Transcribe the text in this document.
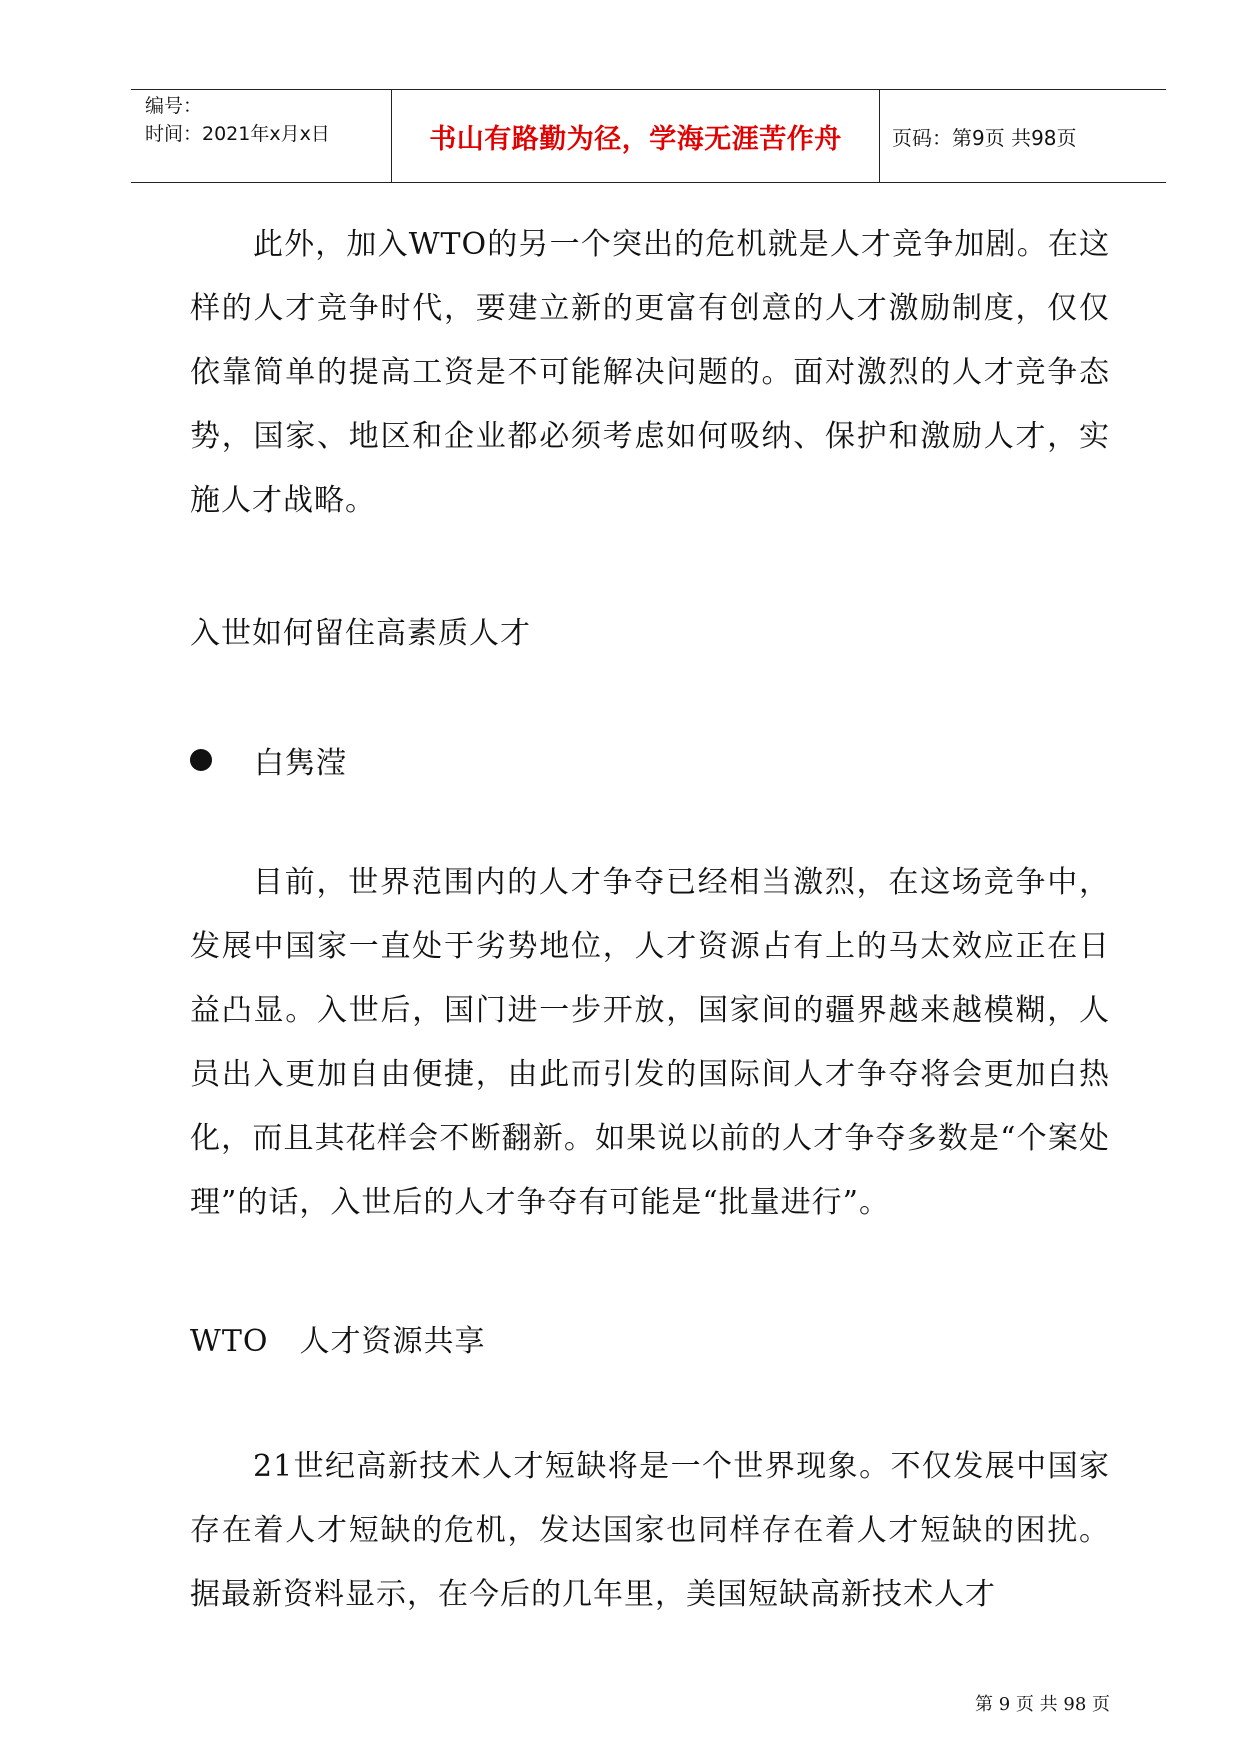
编号：
时间：2021年x月x日	书山有路勤为径，学海无涯苦作舟	页码：第9页 共98页

此外，加入WTO的另一个突出的危机就是人才竞争加剧。在这样的人才竞争时代，要建立新的更富有创意的人才激励制度，仅仅依靠简单的提高工资是不可能解决问题的。面对激烈的人才竞争态势，国家、地区和企业都必须考虑如何吸纳、保护和激励人才，实施人才战略。

入世如何留住高素质人才
白隽滢

目前，世界范围内的人才争夺已经相当激烈，在这场竞争中，发展中国家一直处于劣势地位，人才资源占有上的马太效应正在日益凸显。入世后，国门进一步开放，国家间的疆界越来越模糊，人员出入更加自由便捷，由此而引发的国际间人才争夺将会更加白热化，而且其花样会不断翻新。如果说以前的人才争夺多数是“个案处理”的话，入世后的人才争夺有可能是“批量进行”。

WTO　人才资源共享

21世纪高新技术人才短缺将是一个世界现象。不仅发展中国家存在着人才短缺的危机，发达国家也同样存在着人才短缺的困扰。据最新资料显示，在今后的几年里，美国短缺高新技术人才

第 9 页 共 98 页
